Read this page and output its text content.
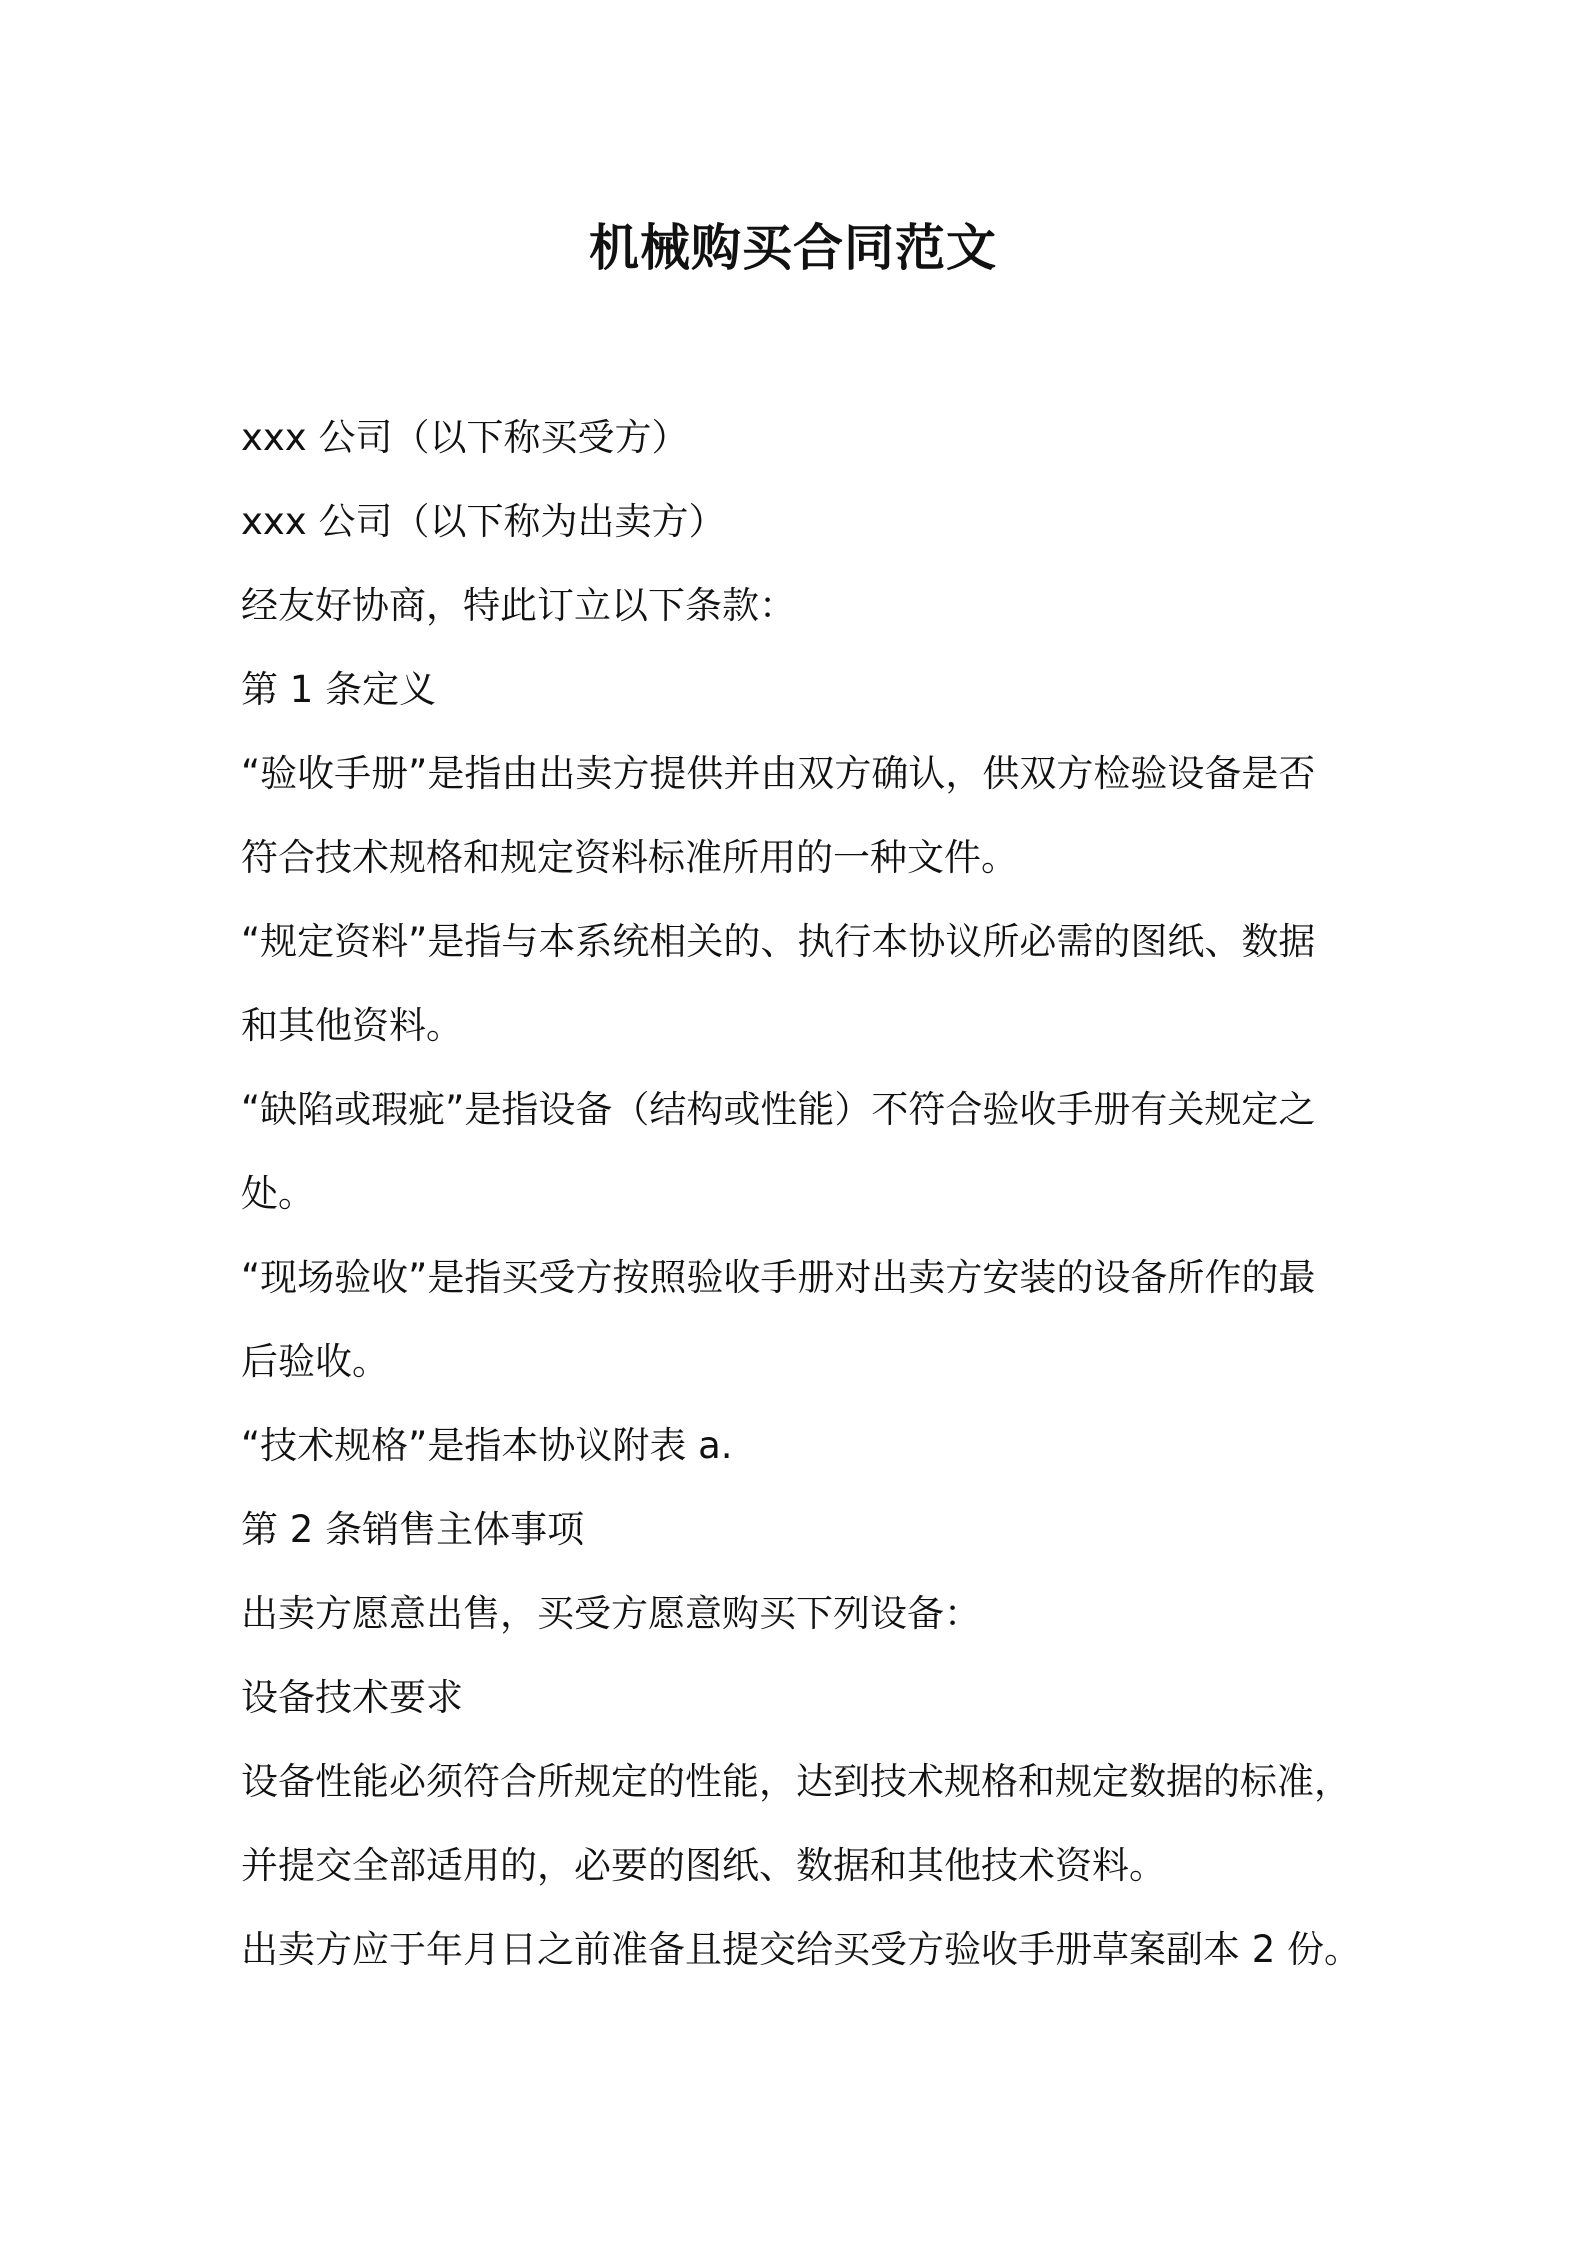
机械购买合同范文
xxx 公司（以下称买受方）
xxx 公司（以下称为出卖方）
经友好协商，特此订立以下条款：
第 1 条定义
“验收手册”是指由出卖方提供并由双方确认，供双方检验设备是否
符合技术规格和规定资料标准所用的一种文件。
“规定资料”是指与本系统相关的、执行本协议所必需的图纸、数据
和其他资料。
“缺陷或瑕疵”是指设备（结构或性能）不符合验收手册有关规定之
处。
“现场验收”是指买受方按照验收手册对出卖方安装的设备所作的最
后验收。
“技术规格”是指本协议附表 a.
第 2 条销售主体事项
出卖方愿意出售，买受方愿意购买下列设备：
设备技术要求
设备性能必须符合所规定的性能，达到技术规格和规定数据的标准，
并提交全部适用的，必要的图纸、数据和其他技术资料。
出卖方应于年月日之前准备且提交给买受方验收手册草案副本 2 份。
